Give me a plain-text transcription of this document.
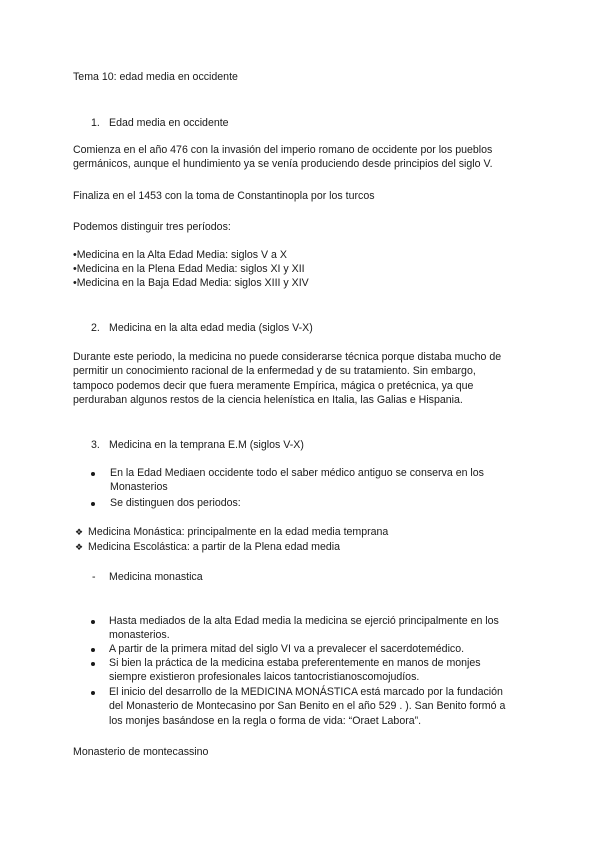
Tema 10: edad media en occidente
1. Edad media en occidente
Comienza en el año 476 con la invasión del imperio romano de occidente por los pueblos
germánicos, aunque el hundimiento ya se venía produciendo desde principios del siglo V.
Finaliza en el 1453 con la toma de Constantinopla por los turcos
Podemos distinguir tres períodos:
•Medicina en la Alta Edad Media: siglos V a X
•Medicina en la Plena Edad Media: siglos XI y XII
•Medicina en la Baja Edad Media: siglos XIII y XIV
2. Medicina en la alta edad media (siglos V-X)
Durante este periodo, la medicina no puede considerarse técnica porque distaba mucho de
permitir un conocimiento racional de la enfermedad y de su tratamiento. Sin embargo,
tampoco podemos decir que fuera meramente Empírica, mágica o pretécnica, ya que
perduraban algunos restos de la ciencia helenística en Italia, las Galias e Hispania.
3. Medicina en la temprana E.M (siglos V-X)
En la Edad Mediaen occidente todo el saber médico antiguo se conserva en los
Monasterios
Se distinguen dos periodos:
❖ Medicina Monástica: principalmente en la edad media temprana
❖ Medicina Escolástica: a partir de la Plena edad media
- Medicina monastica
Hasta mediados de la alta Edad media la medicina se ejerció principalmente en los
monasterios.
A partir de la primera mitad del siglo VI va a prevalecer el sacerdotemédico.
Si bien la práctica de la medicina estaba preferentemente en manos de monjes
siempre existieron profesionales laicos tantocristianoscomojudíos.
El inicio del desarrollo de la MEDICINA MONÁSTICA está marcado por la fundación
del Monasterio de Montecasino por San Benito en el año 529 . ). San Benito formó a
los monjes basándose en la regla o forma de vida: “Oraet Labora”.
Monasterio de montecassino
